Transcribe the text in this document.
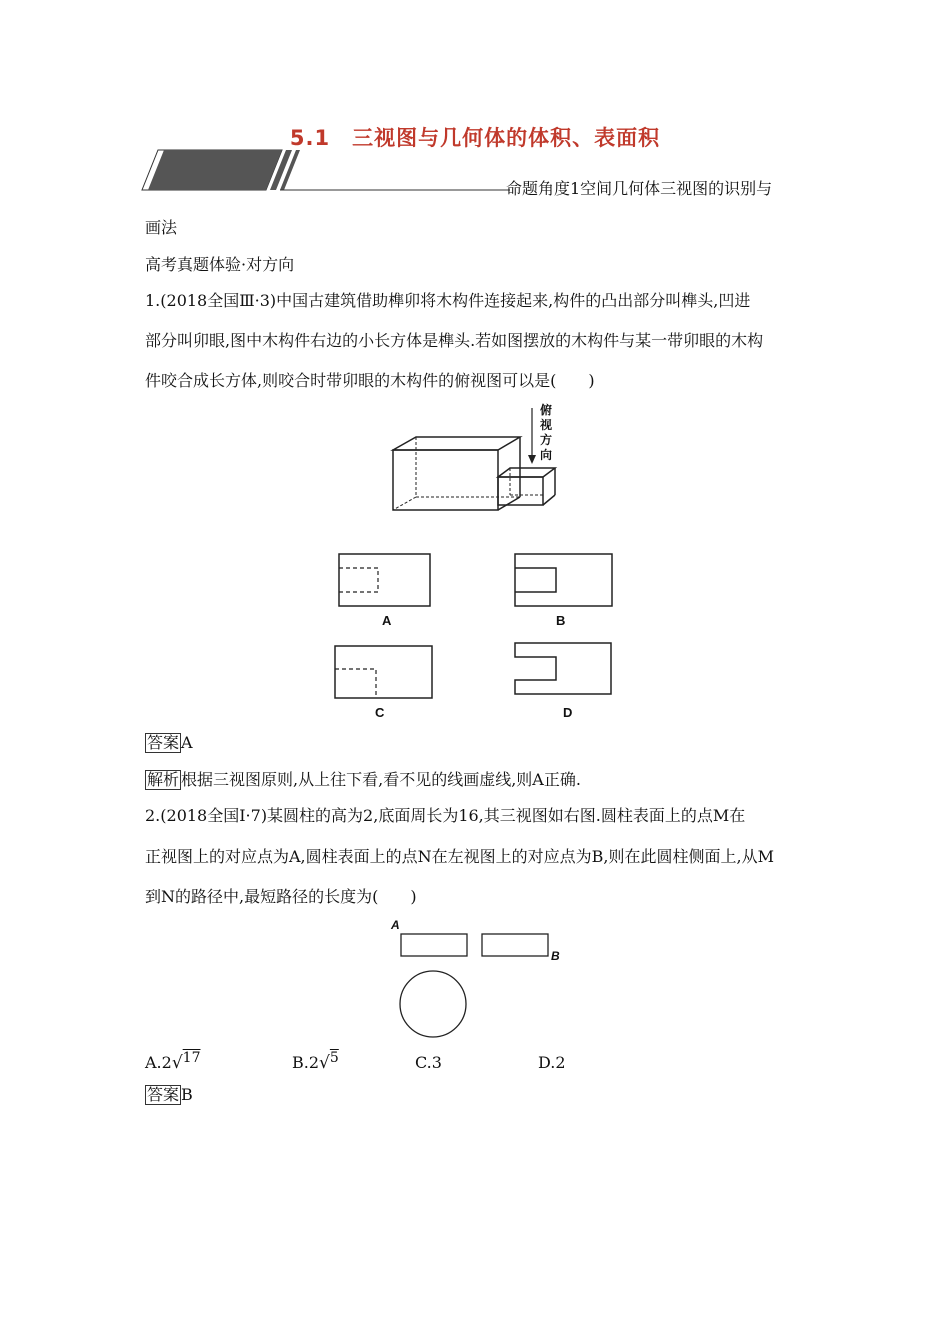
5.1　三视图与几何体的体积、表面积
命题角度1空间几何体三视图的识别与
画法
高考真题体验·对方向
1.(2018全国Ⅲ·3)中国古建筑借助榫卯将木构件连接起来,构件的凸出部分叫榫头,凹进
部分叫卯眼,图中木构件右边的小长方体是榫头.若如图摆放的木构件与某一带卯眼的木构
件咬合成长方体,则咬合时带卯眼的木构件的俯视图可以是(　　)
俯视方向
A	B
C	D
答案 A
解析 根据三视图原则,从上往下看,看不见的线画虚线,则A正确.
2.(2018全国Ⅰ·7)某圆柱的高为2,底面周长为16,其三视图如右图.圆柱表面上的点M在
正视图上的对应点为A,圆柱表面上的点N在左视图上的对应点为B,则在此圆柱侧面上,从M
到N的路径中,最短路径的长度为(　　)
A
B
A.2√17	B.2√5	C.3	D.2
答案 B
